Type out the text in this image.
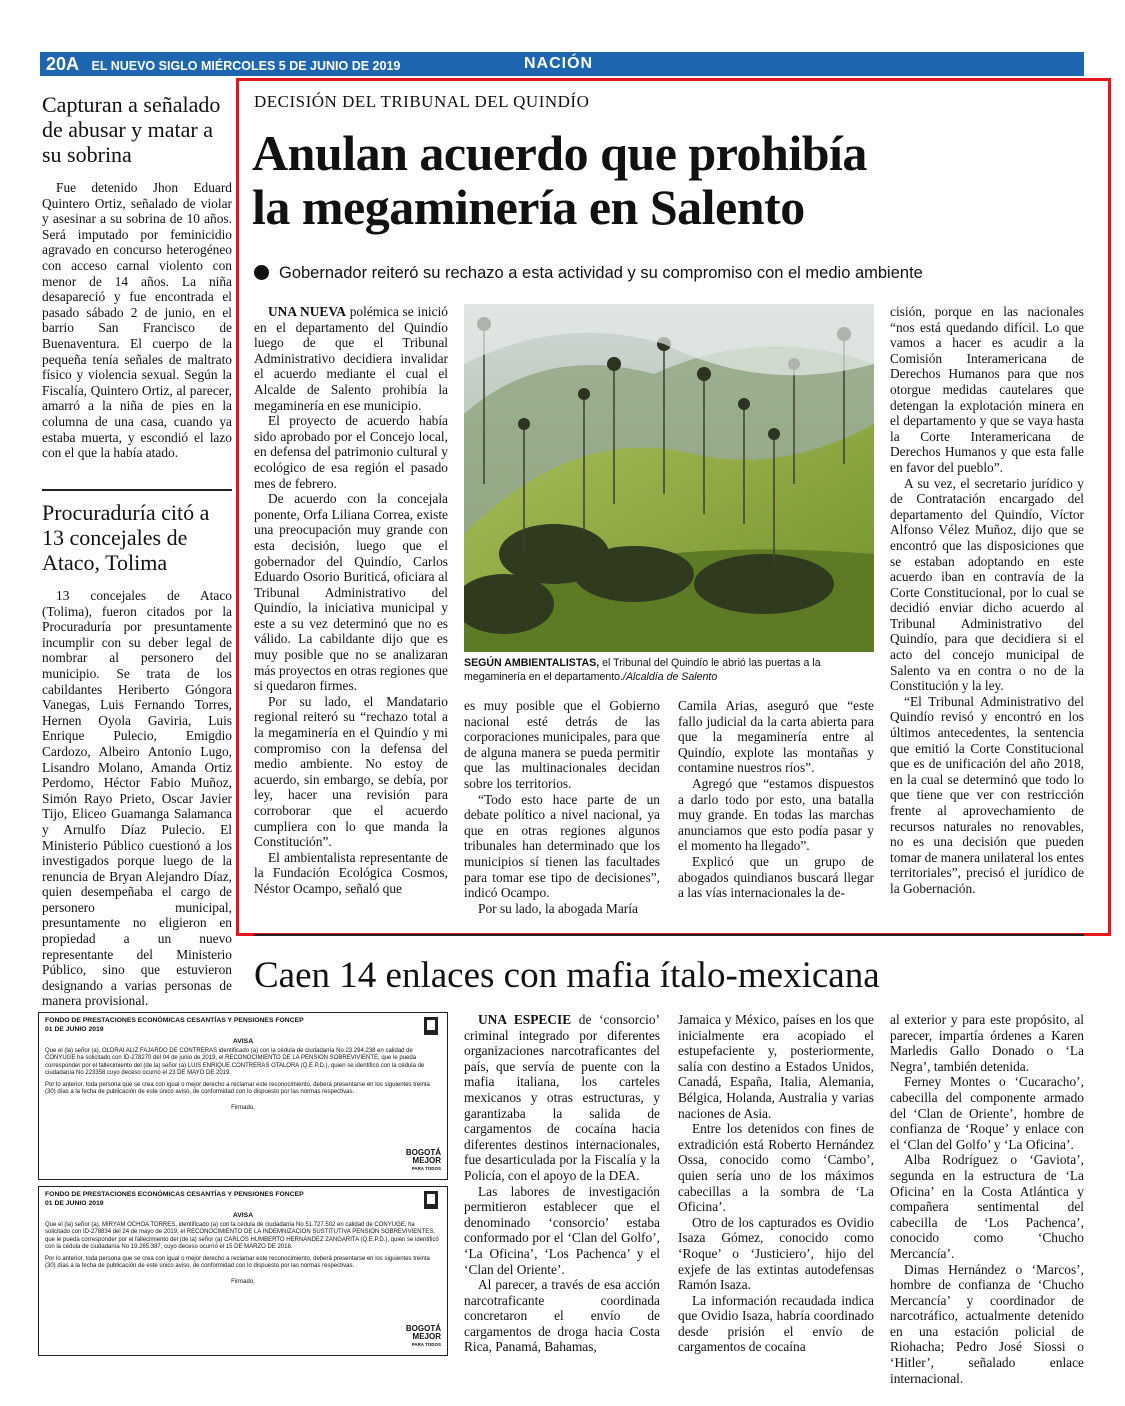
20A EL NUEVO SIGLO MIÉRCOLES 5 DE JUNIO DE 2019	NACIÓN
Capturan a señalado de abusar y matar a su sobrina

Fue detenido Jhon Eduard Quintero Ortiz, señalado de violar y asesinar a su sobrina de 10 años. Será imputado por feminicidio agravado en concurso heterogéneo con acceso carnal violento con menor de 14 años. La niña desapareció y fue encontrada el pasado sábado 2 de junio, en el barrio San Francisco de Buenaventura. El cuerpo de la pequeña tenía señales de maltrato físico y violencia sexual. Según la Fiscalía, Quintero Ortiz, al parecer, amarró a la niña de pies en la columna de una casa, cuando ya estaba muerta, y escondió el lazo con el que la había atado.

Procuraduría citó a 13 concejales de Ataco, Tolima

13 concejales de Ataco (Tolima), fueron citados por la Procuraduría por presuntamente incumplir con su deber legal de nombrar al personero del municipio. Se trata de los cabildantes Heriberto Góngora Vanegas, Luis Fernando Torres, Hernen Oyola Gaviria, Luis Enrique Pulecio, Emigdio Cardozo, Albeiro Antonio Lugo, Lisandro Molano, Amanda Ortiz Perdomo, Héctor Fabio Muñoz, Simón Rayo Prieto, Oscar Javier Tijo, Eliceo Guamanga Salamanca y Arnulfo Díaz Pulecio. El Ministerio Público cuestionó a los investigados porque luego de la renuncia de Bryan Alejandro Díaz, quien desempeñaba el cargo de personero municipal, presuntamente no eligieron en propiedad a un nuevo representante del Ministerio Público, sino que estuvieron designando a varias personas de manera provisional.

DECISIÓN DEL TRIBUNAL DEL QUINDÍO
Anulan acuerdo que prohibía
la megaminería en Salento
Gobernador reiteró su rechazo a esta actividad y su compromiso con el medio ambiente

UNA NUEVA polémica se inició en el departamento del Quindío luego de que el Tribunal Administrativo decidiera invalidar el acuerdo mediante el cual el Alcalde de Salento prohibía la megaminería en ese municipio.

El proyecto de acuerdo había sido aprobado por el Concejo local, en defensa del patrimonio cultural y ecológico de esa región el pasado mes de febrero.

De acuerdo con la concejala ponente, Orfa Liliana Correa, existe una preocupación muy grande con esta decisión, luego que el gobernador del Quindío, Carlos Eduardo Osorio Buriticá, oficiara al Tribunal Administrativo del Quindío, la iniciativa municipal y este a su vez determinó que no es válido. La cabildante dijo que es muy posible que no se analizaran más proyectos en otras regiones que si quedaron firmes.

Por su lado, el Mandatario regional reiteró su “rechazo total a la megaminería en el Quindío y mi compromiso con la defensa del medio ambiente. No estoy de acuerdo, sin embargo, se debía, por ley, hacer una revisión para corroborar que el acuerdo cumpliera con lo que manda la Constitución”.

El ambientalista representante de la Fundación Ecológica Cosmos, Néstor Ocampo, señaló que

SEGÚN AMBIENTALISTAS, el Tribunal del Quindío le abrió las puertas a la megaminería en el departamento./Alcaldía de Salento

es muy posible que el Gobierno nacional esté detrás de las corporaciones municipales, para que de alguna manera se pueda permitir que las multinacionales decidan sobre los territorios.

“Todo esto hace parte de un debate político a nivel nacional, ya que en otras regiones algunos tribunales han determinado que los municipios sí tienen las facultades para tomar ese tipo de decisiones”, indicó Ocampo.

Por su lado, la abogada María

Camila Arias, aseguró que “este fallo judicial da la carta abierta para que la megaminería entre al Quindío, explote las montañas y contamine nuestros ríos”.

Agregó que “estamos dispuestos a darlo todo por esto, una batalla muy grande. En todas las marchas anunciamos que esto podía pasar y el momento ha llegado”.

Explicó que un grupo de abogados quindianos buscará llegar a las vías internacionales la de-

cisión, porque en las nacionales “nos está quedando difícil. Lo que vamos a hacer es acudir a la Comisión Interamericana de Derechos Humanos para que nos otorgue medidas cautelares que detengan la explotación minera en el departamento y que se vaya hasta la Corte Interamericana de Derechos Humanos y que esta falle en favor del pueblo”.

A su vez, el secretario jurídico y de Contratación encargado del departamento del Quindío, Víctor Alfonso Vélez Muñoz, dijo que se encontró que las disposiciones que se estaban adoptando en este acuerdo iban en contravía de la Corte Constitucional, por lo cual se decidió enviar dicho acuerdo al Tribunal Administrativo del Quindío, para que decidiera si el acto del concejo municipal de Salento va en contra o no de la Constitución y la ley.

“El Tribunal Administrativo del Quindío revisó y encontró en los últimos antecedentes, la sentencia que emitió la Corte Constitucional que es de unificación del año 2018, en la cual se determinó que todo lo que tiene que ver con restricción frente al aprovechamiento de recursos naturales no renovables, no es una decisión que pueden tomar de manera unilateral los entes territoriales”, precisó el jurídico de la Gobernación.

Caen 14 enlaces con mafia ítalo-mexicana

UNA ESPECIE de ‘consorcio’ criminal integrado por diferentes organizaciones narcotraficantes del país, que servía de puente con la mafia italiana, los carteles mexicanos y otras estructuras, y garantizaba la salida de cargamentos de cocaína hacia diferentes destinos internacionales, fue desarticulada por la Fiscalía y la Policía, con el apoyo de la DEA.

Las labores de investigación permitieron establecer que el denominado ‘consorcio’ estaba conformado por el ‘Clan del Golfo’, ‘La Oficina’, ‘Los Pachenca’ y el ‘Clan del Oriente’.

Al parecer, a través de esa acción narcotraficante coordinada concretaron el envío de cargamentos de droga hacia Costa Rica, Panamá, Bahamas,

Jamaica y México, países en los que inicialmente era acopiado el estupefaciente y, posteriormente, salía con destino a Estados Unidos, Canadá, España, Italia, Alemania, Bélgica, Holanda, Australia y varias naciones de Asia.

Entre los detenidos con fines de extradición está Roberto Hernández Ossa, conocido como ‘Cambo’, quien sería uno de los máximos cabecillas a la sombra de ‘La Oficina’.

Otro de los capturados es Ovidio Isaza Gómez, conocido como ‘Roque’ o ‘Justiciero’, hijo del exjefe de las extintas autodefensas Ramón Isaza.

La información recaudada indica que Ovidio Isaza, habría coordinado desde prisión el envío de cargamentos de cocaína

al exterior y para este propósito, al parecer, impartía órdenes a Karen Marledis Gallo Donado o ‘La Negra’, también detenida.

Ferney Montes o ‘Cucaracho’, cabecilla del componente armado del ‘Clan de Oriente’, hombre de confianza de ‘Roque’ y enlace con el ‘Clan del Golfo’ y ‘La Oficina’.

Alba Rodríguez o ‘Gaviota’, segunda en la estructura de ‘La Oficina’ en la Costa Atlántica y compañera sentimental del cabecilla de ‘Los Pachenca’, conocido como ‘Chucho Mercancía’.

Dimas Hernández o ‘Marcos’, hombre de confianza de ‘Chucho Mercancía’ y coordinador de narcotráfico, actualmente detenido en una estación policial de Riohacha; Pedro José Siossi o ‘Hitler’, señalado enlace internacional.

FONDO DE PRESTACIONES ECONÓMICAS CESANTÍAS Y PENSIONES FONCEP
01 DE JUNIO 2019
AVISA
Que el (la) señor (a), OLDRAI ALIZ FAJARDO DE CONTRERAS identificado (a) con la cédula de ciudadanía No 23.294.238 en calidad de CONYUGE ha solicitado con ID-278270 del 04 de junio de 2019, el RECONOCIMIENTO DE LA PENSION SOBREVIVIENTE, que le pueda corresponder por el fallecimiento del (de la) señor (a) LUIS ENRIQUE CONTRERAS OTALORA (Q.E.P.D.), quien se identificó con la cédula de ciudadanía No 223358 cuyo deceso ocurrió el 23 DE MAYO DE 2019.
Por lo anterior, toda persona que se crea con igual o mejor derecho a reclamar este reconocimiento, deberá presentarse en los siguientes treinta (30) días a la fecha de publicación de este único aviso, de conformidad con lo dispuesto por las normas respectivas.
Firmado,
BOGOTÁ
MEJOR
PARA TODOS
FONDO DE PRESTACIONES ECONÓMICAS CESANTÍAS Y PENSIONES FONCEP
01 DE JUNIO 2019
AVISA
Que el (la) señor (a), MIRYAM OCHOA TORRES, identificado (a) con la cédula de ciudadanía No 51.727.502 en calidad de CONYUGE, ha solicitado con ID-278834 del 24 de mayo de 2019, el RECONOCIMIENTO DE LA INDEMNIZACION SUSTITUTIVA PENSION SOBREVIVIENTES, que le pueda corresponder por el fallecimiento del (de la) señor (a) CARLOS HUMBERTO HERNANDEZ ZANGARITA (Q.E.P.D.), quien se identificó con la cédula de ciudadanía No 19.265.387, cuyo deceso ocurrió el 15 DE MARZO DE 2018.
Por lo anterior, toda persona que se crea con igual o mejor derecho a reclamar este reconocimiento, deberá presentarse en los siguientes treinta (30) días a la fecha de publicación de este único aviso, de conformidad con lo dispuesto por las normas respectivas.
Firmado,
BOGOTÁ
MEJOR
PARA TODOS
